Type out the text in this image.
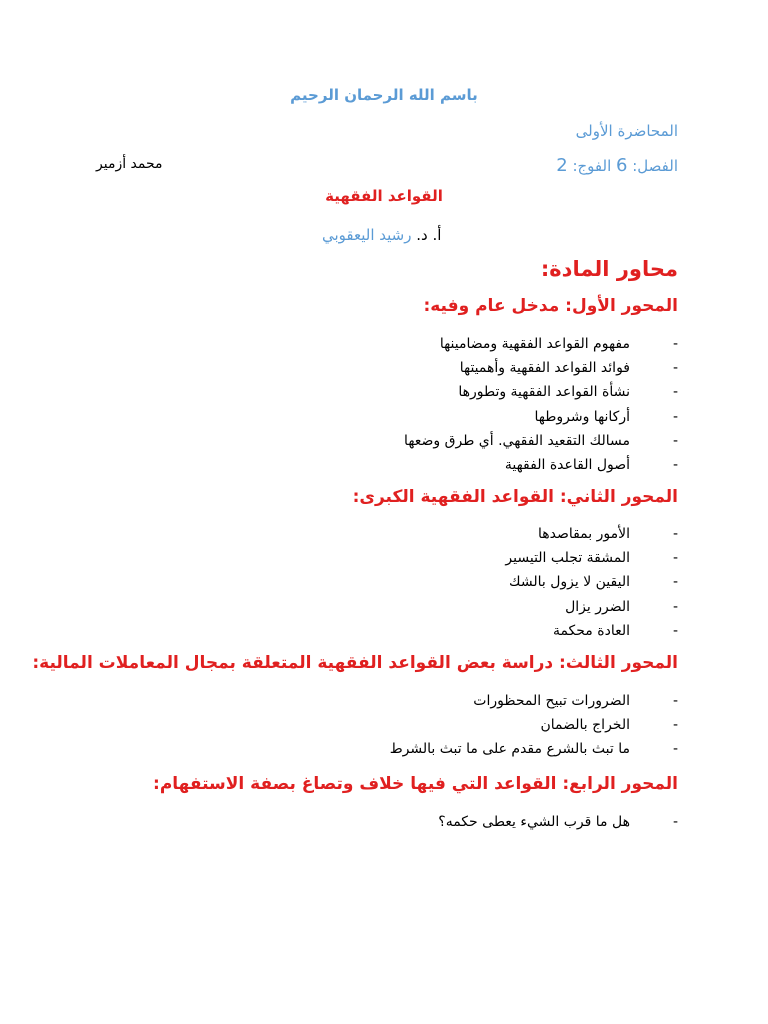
باسم الله الرحمان الرحيم
المحاضرة الأولى
الفصل: 6 الفوج: 2
محمد أزمير
القواعد الفقهية
أ. د. رشيد اليعقوبي
محاور المادة:
المحور الأول: مدخل عام وفيه:
-
مفهوم القواعد الفقهية ومضامينها
-
فوائد القواعد الفقهية وأهميتها
-
نشأة القواعد الفقهية وتطورها
-
أركانها وشروطها
-
مسالك التقعيد الفقهي. أي طرق وضعها
-
أصول القاعدة الفقهية
المحور الثاني: القواعد الفقهية الكبرى:
-
الأمور بمقاصدها
-
المشقة تجلب التيسير
-
اليقين لا يزول بالشك
-
الضرر يزال
-
العادة محكمة
المحور الثالث: دراسة بعض القواعد الفقهية المتعلقة بمجال المعاملات المالية:
-
الضرورات تبيح المحظورات
-
الخراج بالضمان
-
ما تبث بالشرع مقدم على ما تبث بالشرط
المحور الرابع: القواعد التي فيها خلاف وتصاغ بصفة الاستفهام:
-
هل ما قرب الشيء يعطى حكمه؟
